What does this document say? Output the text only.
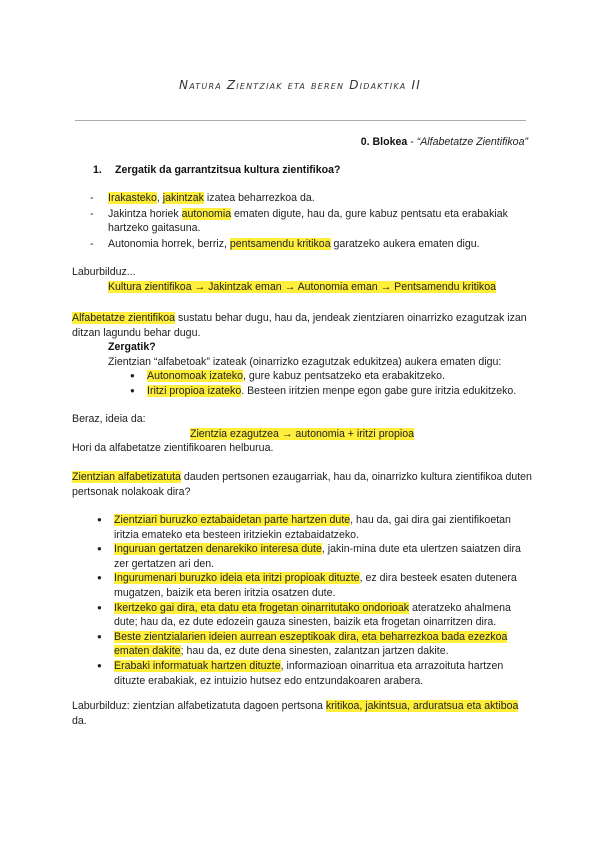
Natura Zientziak eta beren Didaktika II
0. Blokea - “Alfabetatze Zientifikoa”
1. Zergatik da garrantzitsua kultura zientifikoa?
- Irakasteko, jakintzak izatea beharrezkoa da.
- Jakintza horiek autonomia ematen digute, hau da, gure kabuz pentsatu eta erabakiak hartzeko gaitasuna.
- Autonomia horrek, berriz, pentsamendu kritikoa garatzeko aukera ematen digu.
Laburbilduz...
Kultura zientifikoa → Jakintzak eman → Autonomia eman → Pentsamendu kritikoa
Alfabetatze zientifikoa sustatu behar dugu, hau da, jendeak zientziaren oinarrizko ezagutzak izan ditzan lagundu behar dugu.
Zergatik?
Zientzian “alfabetoak” izateak (oinarrizko ezagutzak edukitzea) aukera ematen digu:
● Autonomoak izateko, gure kabuz pentsatzeko eta erabakitzeko.
● Iritzi propioa izateko. Besteen iritzien menpe egon gabe gure iritzia edukitzeko.
Beraz, ideia da:
Zientzia ezagutzea → autonomia + iritzi propioa
Hori da alfabetatze zientifikoaren helburua.
Zientzian alfabetizatuta dauden pertsonen ezaugarriak, hau da, oinarrizko kultura zientifikoa duten pertsonak nolakoak dira?
● Zientziari buruzko eztabaidetan parte hartzen dute, hau da, gai dira gai zientifikoetan iritzia emateko eta besteen iritziekin eztabaidatzeko.
● Inguruan gertatzen denarekiko interesa dute, jakin-mina dute eta ulertzen saiatzen dira zer gertatzen ari den.
● Ingurumenari buruzko ideia eta iritzi propioak dituzte, ez dira besteek esaten dutenera mugatzen, baizik eta beren iritzia osatzen dute.
● Ikertzeko gai dira, eta datu eta frogetan oinarritutako ondorioak ateratzeko ahalmena dute; hau da, ez dute edozein gauza sinesten, baizik eta frogetan oinarritzen dira.
● Beste zientzialarien ideien aurrean eszeptikoak dira, eta beharrezkoa bada ezezkoa ematen dakite; hau da, ez dute dena sinesten, zalantzan jartzen dakite.
● Erabaki informatuak hartzen dituzte, informazioan oinarritua eta arrazoituta hartzen dituzte erabakiak, ez intuizio hutsez edo entzundakoaren arabera.
Laburbilduz: zientzian alfabetizatuta dagoen pertsona kritikoa, jakintsua, arduratsua eta aktiboa da.
